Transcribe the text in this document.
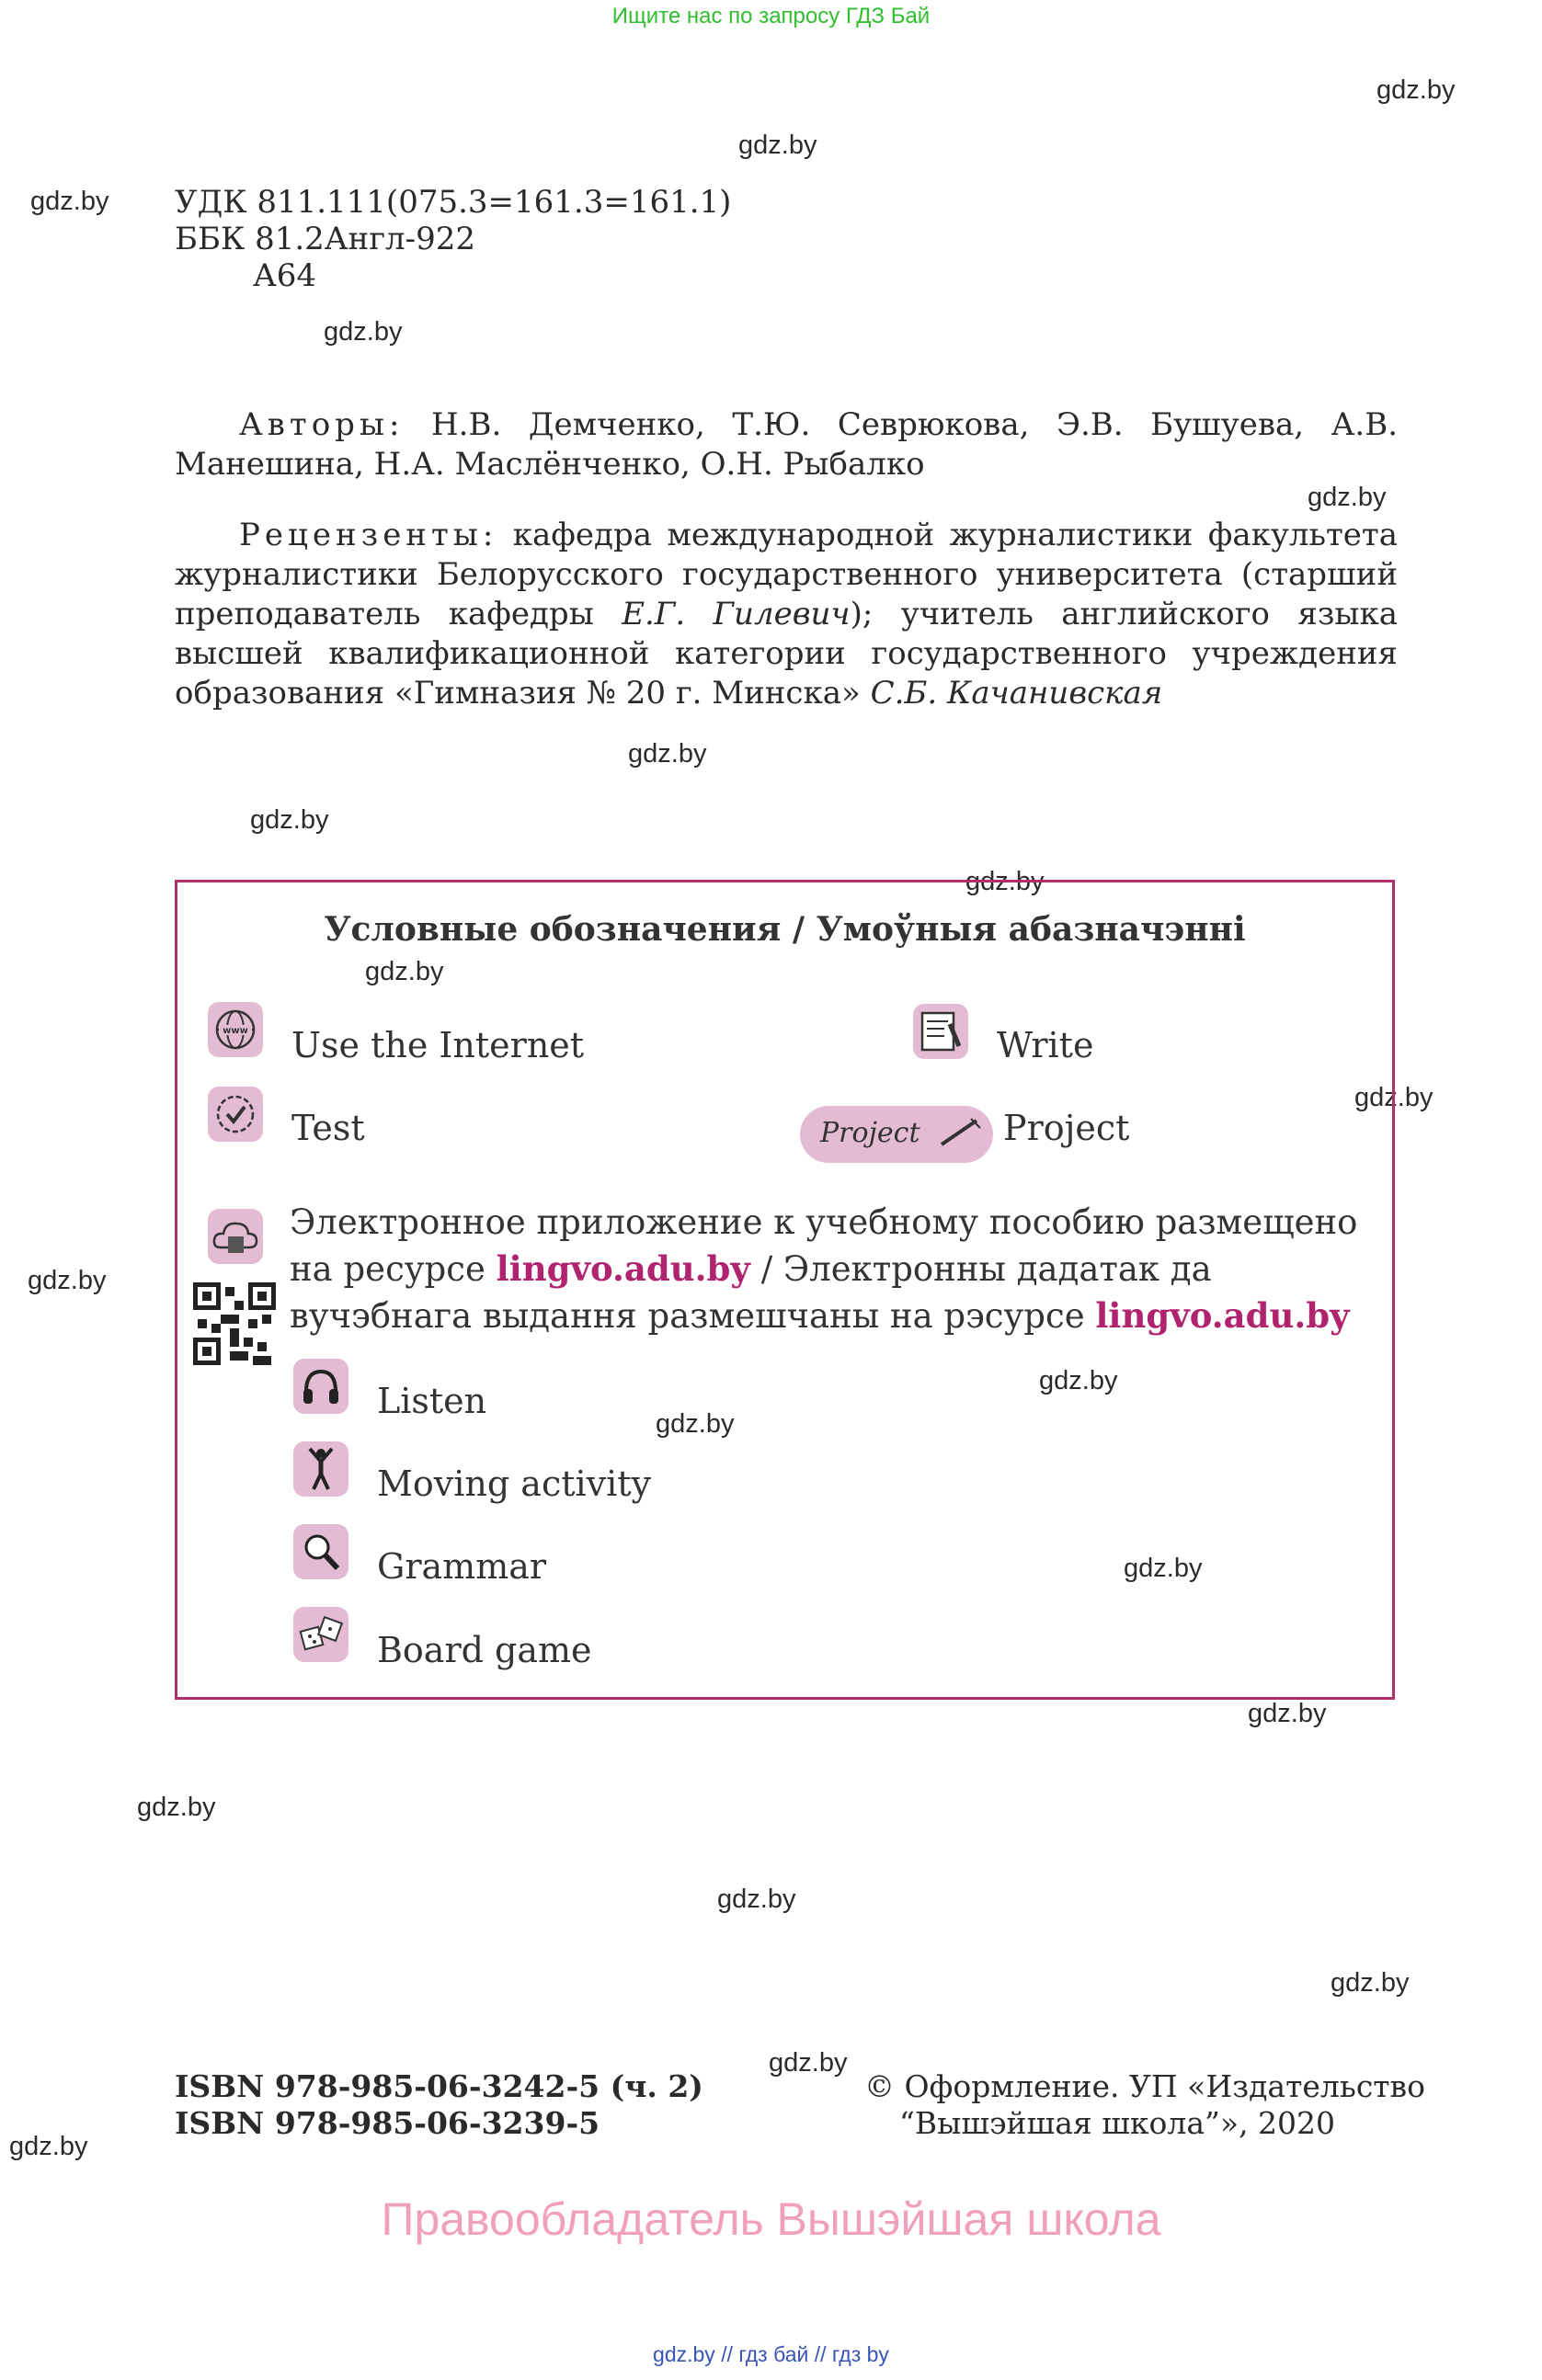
Ищите нас по запросу ГДЗ Бай
gdz.by
gdz.by
gdz.by
gdz.by
gdz.by
gdz.by
gdz.by
gdz.by
gdz.by
gdz.by
gdz.by
gdz.by
gdz.by
gdz.by
gdz.by
gdz.by
gdz.by
gdz.by
gdz.by
gdz.by
УДК 811.111(075.3=161.3=161.1)
ББК 81.2Англ-922
А64
Авторы: Н.В. Демченко, Т.Ю. Севрюкова, Э.В. Бушуева, А.В. Манешина, Н.А. Маслёнченко, О.Н. Рыбалко
Рецензенты: кафедра международной журналистики факультета журналистики Белорусского государственного университета (старший преподаватель кафедры Е.Г. Гилевич); учитель английского языка высшей квалификационной категории государственного учреждения образования «Гимназия № 20 г. Минска» С.Б. Качанивская
Условные обозначения / Умоўныя абазначэнні
www Use the Internet	Write
Test	Project Project
Электронное приложение к учебному пособию размещено на ресурсе lingvo.adu.by / Электронны дадатак да вучэбнага выдання размешчаны на рэсурсе lingvo.adu.by
Listen
Moving activity
Grammar
Board game
ISBN 978-985-06-3242-5 (ч. 2)
ISBN 978-985-06-3239-5
© Оформление. УП «Издательство
“Вышэйшая школа”», 2020
Правообладатель Вышэйшая школа
gdz.by // гдз бай // гдз by
